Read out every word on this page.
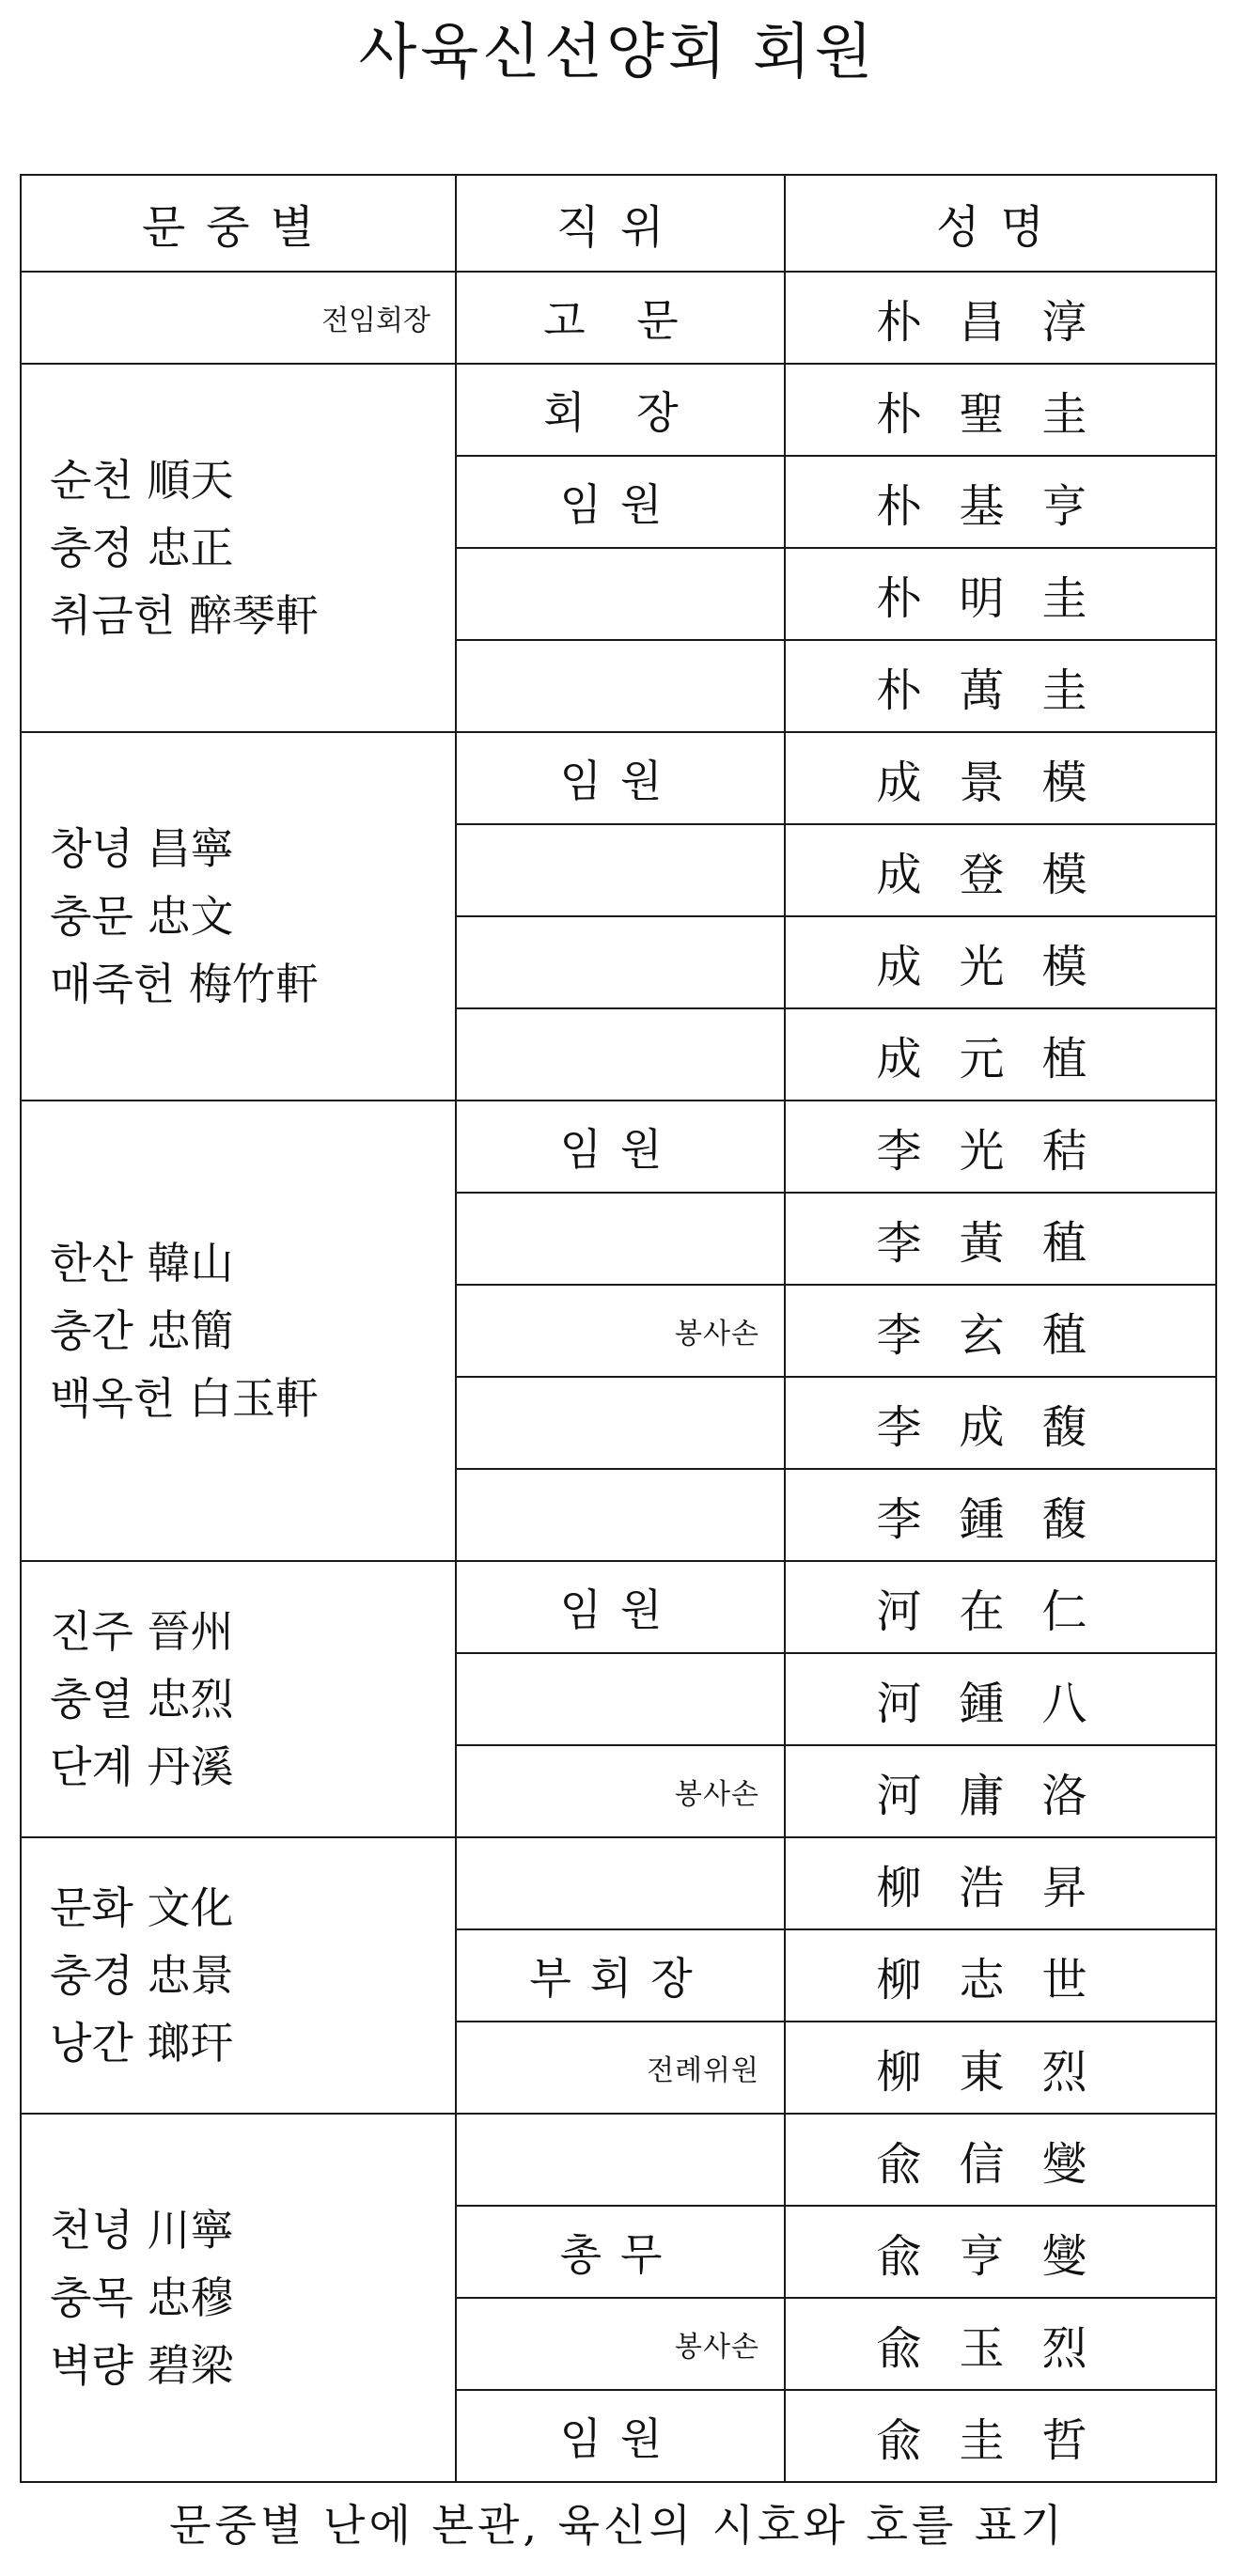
사육신선양회 회원
문중별	직위	성명
전임회장	고 문	朴昌淳

순천 順天
충정 忠正
취금헌 醉琴軒	회 장	朴聖圭
	임원	朴基亨
		朴明圭
		朴萬圭

창녕 昌寧
충문 忠文
매죽헌 梅竹軒	임원	成景模
		成登模
		成光模
		成元植

한산 韓山
충간 忠簡
백옥헌 白玉軒	임원	李光秸
		李黃稙
	봉사손	李玄稙
		李成馥
		李鍾馥

진주 晉州
충열 忠烈
단계 丹溪	임원	河在仁
		河鍾八
	봉사손	河庸洛

문화 文化
충경 忠景
낭간 瑯玕		柳浩昇
	부회장	柳志世
	전례위원	柳東烈

천녕 川寧
충목 忠穆
벽량 碧梁		兪信燮
	총무	兪亨燮
	봉사손	兪玉烈
	임원	兪圭哲
문중별 난에 본관, 육신의 시호와 호를 표기
